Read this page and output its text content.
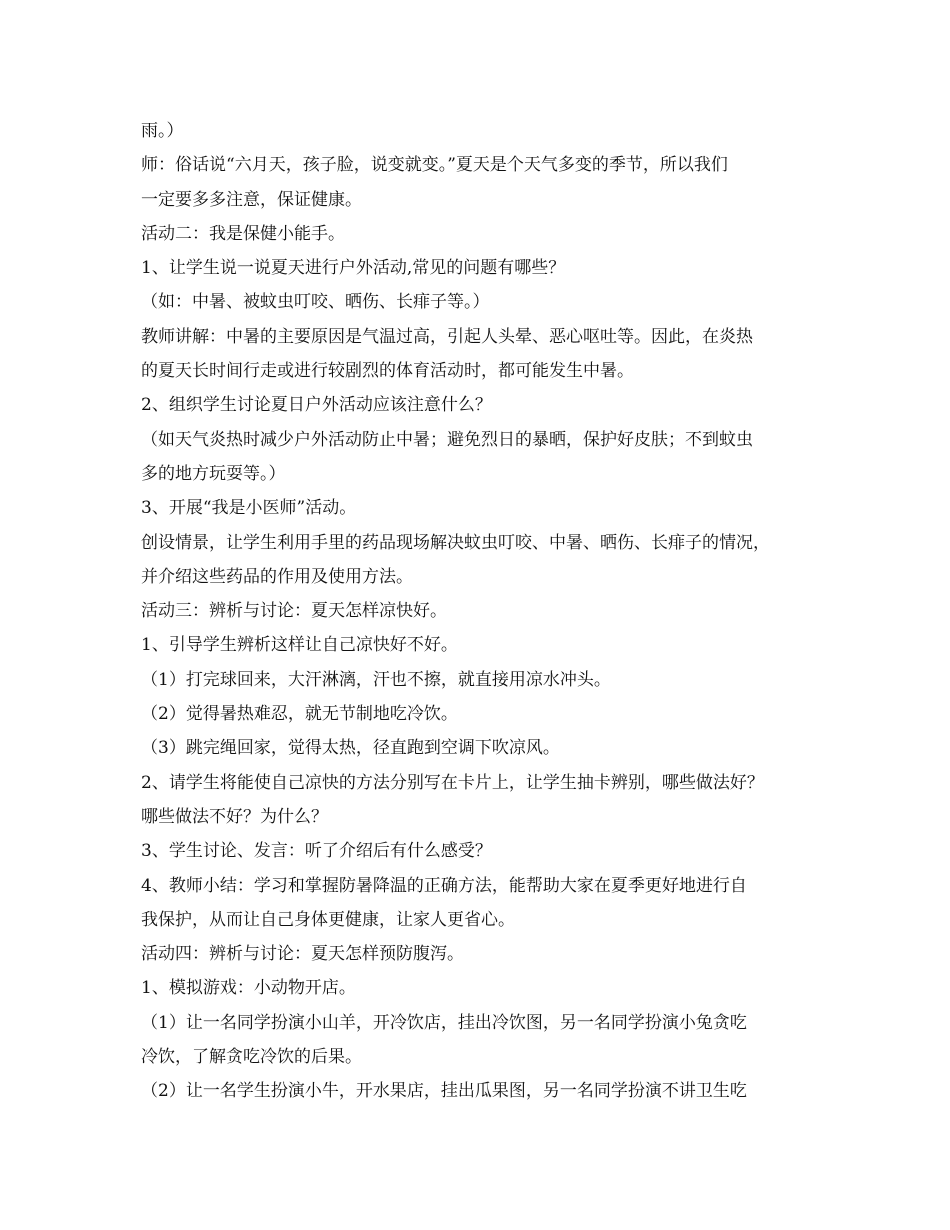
雨。）

师：俗话说“六月天，孩子脸，说变就变。”夏天是个天气多变的季节，所以我们

一定要多多注意，保证健康。

活动二：我是保健小能手。

1、让学生说一说夏天进行户外活动,常见的问题有哪些？

（如：中暑、被蚊虫叮咬、晒伤、长痱子等。）

教师讲解：中暑的主要原因是气温过高，引起人头晕、恶心呕吐等。因此，在炎热

的夏天长时间行走或进行较剧烈的体育活动时，都可能发生中暑。

2、组织学生讨论夏日户外活动应该注意什么？

（如天气炎热时减少户外活动防止中暑；避免烈日的暴晒，保护好皮肤；不到蚊虫

多的地方玩耍等。）

3、开展“我是小医师”活动。

创设情景，让学生利用手里的药品现场解决蚊虫叮咬、中暑、晒伤、长痱子的情况，

并介绍这些药品的作用及使用方法。

活动三：辨析与讨论：夏天怎样凉快好。

1、引导学生辨析这样让自己凉快好不好。

（1）打完球回来，大汗淋漓，汗也不擦，就直接用凉水冲头。

（2）觉得暑热难忍，就无节制地吃冷饮。

（3）跳完绳回家，觉得太热，径直跑到空调下吹凉风。

2、请学生将能使自己凉快的方法分别写在卡片上，让学生抽卡辨别，哪些做法好？

哪些做法不好？为什么？

3、学生讨论、发言：听了介绍后有什么感受？

4、教师小结：学习和掌握防暑降温的正确方法，能帮助大家在夏季更好地进行自

我保护，从而让自己身体更健康，让家人更省心。

活动四：辨析与讨论：夏天怎样预防腹泻。

1、模拟游戏：小动物开店。

（1）让一名同学扮演小山羊，开冷饮店，挂出冷饮图，另一名同学扮演小兔贪吃

冷饮，了解贪吃冷饮的后果。

（2）让一名学生扮演小牛，开水果店，挂出瓜果图，另一名同学扮演不讲卫生吃
